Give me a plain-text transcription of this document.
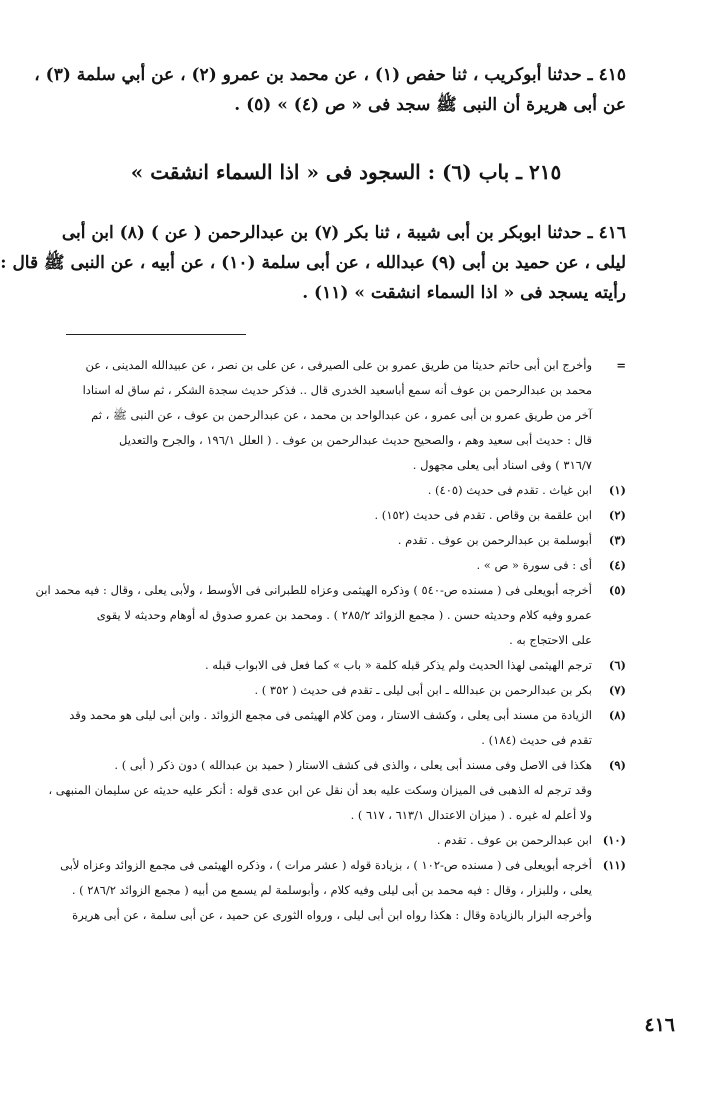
٤١٥ ـ حدثنا أبوكريب ، ثنا حفص (١) ، عن محمد بن عمرو (٢) ، عن أبي سلمة (٣) ،
عن أبى هريرة أن النبى ﷺ سجد فى « ص (٤) » (٥) .

٢١٥ ـ باب (٦) : السجود فى « اذا السماء انشقت »

٤١٦ ـ حدثنا ابوبكر بن أبى شيبة ، ثنا بكر (٧) بن عبدالرحمن ( عن ) (٨) ابن أبى
ليلى ، عن حميد بن أبى (٩) عبدالله ، عن أبى سلمة (١٠) ، عن أبيه ، عن النبى ﷺ قال :
رأيته يسجد فى « اذا السماء انشقت » (١١) .

=
وأخرج ابن أبى حاتم حديثا من طريق عمرو بن على الصيرفى ، عن على بن نصر ، عن عبيدالله المدينى ، عن
محمد بن عبدالرحمن بن عوف أنه سمع أباسعيد الخدرى قال .. فذكر حديث سجدة الشكر ، ثم ساق له اسنادا
آخر من طريق عمرو بن أبى عمرو ، عن عبدالواحد بن محمد ، عن عبدالرحمن بن عوف ، عن النبى ﷺ ، ثم
قال : حديث أبى سعيد وهم ، والصحيح حديث عبدالرحمن بن عوف . ( العلل ١٩٦/١ ، والجرح والتعديل
٣١٦/٧ ) وفى اسناد أبى يعلى مجهول .
(١)
ابن غياث . تقدم فى حديث (٤٠٥) .
(٢)
ابن علقمة بن وقاص . تقدم فى حديث (١٥٢) .
(٣)
أبوسلمة بن عبدالرحمن بن عوف . تقدم .
(٤)
أى : فى سورة « ص » .
(٥)
أخرجه أبويعلى فى ( مسنده ص-٥٤٠ ) وذكره الهيثمى وعزاه للطبرانى فى الأوسط ، ولأبى يعلى ، وقال : فيه محمد ابن
عمرو وفيه كلام وحديثه حسن . ( مجمع الزوائد ٢٨٥/٢ ) . ومحمد بن عمرو صدوق له أوهام وحديثه لا يقوى
على الاحتجاج به .
(٦)
ترجم الهيثمى لهذا الحديث ولم يذكر قبله كلمة « باب » كما فعل فى الابواب قبله .
(٧)
بكر بن عبدالرحمن بن عبدالله ـ ابن أبى ليلى ـ تقدم فى حديث ( ٣٥٢ ) .
(٨)
الزيادة من مسند أبى يعلى ، وكشف الاستار ، ومن كلام الهيثمى فى مجمع الزوائد . وابن أبى ليلى هو محمد وقد
تقدم فى حديث (١٨٤) .
(٩)
هكذا فى الاصل وفى مسند أبى يعلى ، والذى فى كشف الاستار ( حميد بن عبدالله ) دون ذكر ( أبى ) .
وقد ترجم له الذهبى فى الميزان وسكت عليه بعد أن نقل عن ابن عدى قوله : أنكر عليه حديثه عن سليمان المنبهى ،
ولا أعلم له غيره . ( ميزان الاعتدال ٦١٣/١ ، ٦١٧ ) .
(١٠)
ابن عبدالرحمن بن عوف . تقدم .
(١١)
أخرجه أبويعلى فى ( مسنده ص-١٠٢ ) ، بزيادة قوله ( عشر مرات ) ، وذكره الهيثمى فى مجمع الزوائد وعزاه لأبى
يعلى ، وللبزار ، وقال : فيه محمد بن أبى ليلى وفيه كلام ، وأبوسلمة لم يسمع من أبيه ( مجمع الزوائد ٢٨٦/٢ ) .
وأخرجه البزار بالزيادة وقال : هكذا رواه ابن أبى ليلى ، ورواه الثورى عن حميد ، عن أبى سلمة ، عن أبى هريرة
٤١٦
